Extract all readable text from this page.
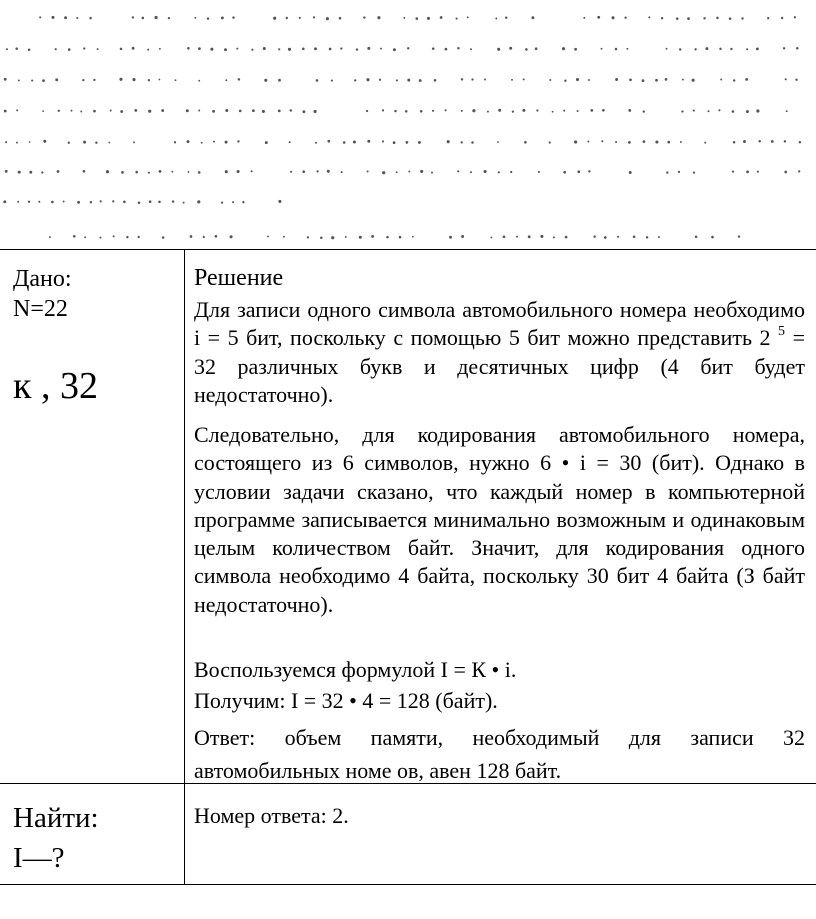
Дано:
N=22
к , 32
Найти:
I—?
Решение

Для записи одного символа автомобильного номера необходимо i = 5 бит, поскольку с помощью 5 бит можно представить 2 $^5$ = 32 различных букв и десятичных цифр (4 бит будет недостаточно).

Следовательно, для кодирования автомобильного номера, состоящего из 6 символов, нужно 6 • i = 30 (бит). Однако в условии задачи сказано, что каждый номер в компьютерной программе записывается минимально возможным и одинаковым целым количеством байт. Значит, для кодирования одного символа необходимо 4 байта, поскольку 30 бит 4 байта (З байт недостаточно).

Воспользуемся формулой I = К • i.

Получим: I = 32 • 4 = 128 (байт).

Ответ: объем памяти, необходимый для записи 32 автомобильных номе ов, авен 128 байт.

Номер ответа: 2.
